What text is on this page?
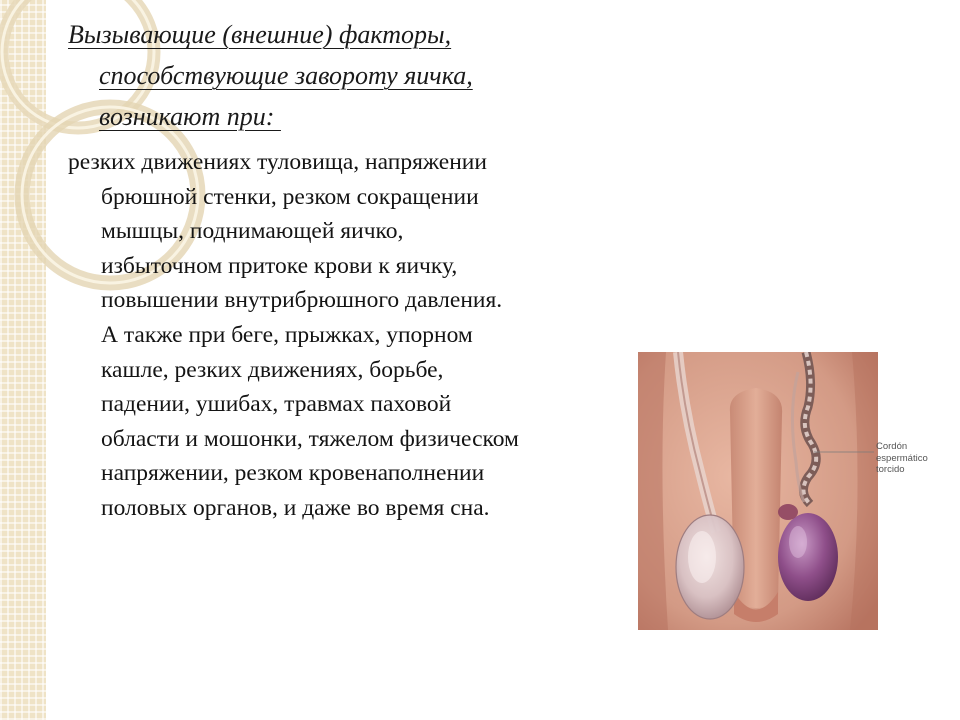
Вызывающие (внешние) факторы,
способствующие завороту яичка,
возникают при:
резких движениях туловища, напряжении
брюшной стенки, резком сокращении
мышцы, поднимающей яичко,
избыточном притоке крови к яичку,
повышении внутрибрюшного давления.
А также при беге, прыжках, упорном
кашле, резких движениях, борьбе,
падении, ушибах, травмах паховой
области и мошонки, тяжелом физическом
напряжении, резком кровенаполнении
половых органов, и даже во время сна.
Cordón
espermático
torcido
